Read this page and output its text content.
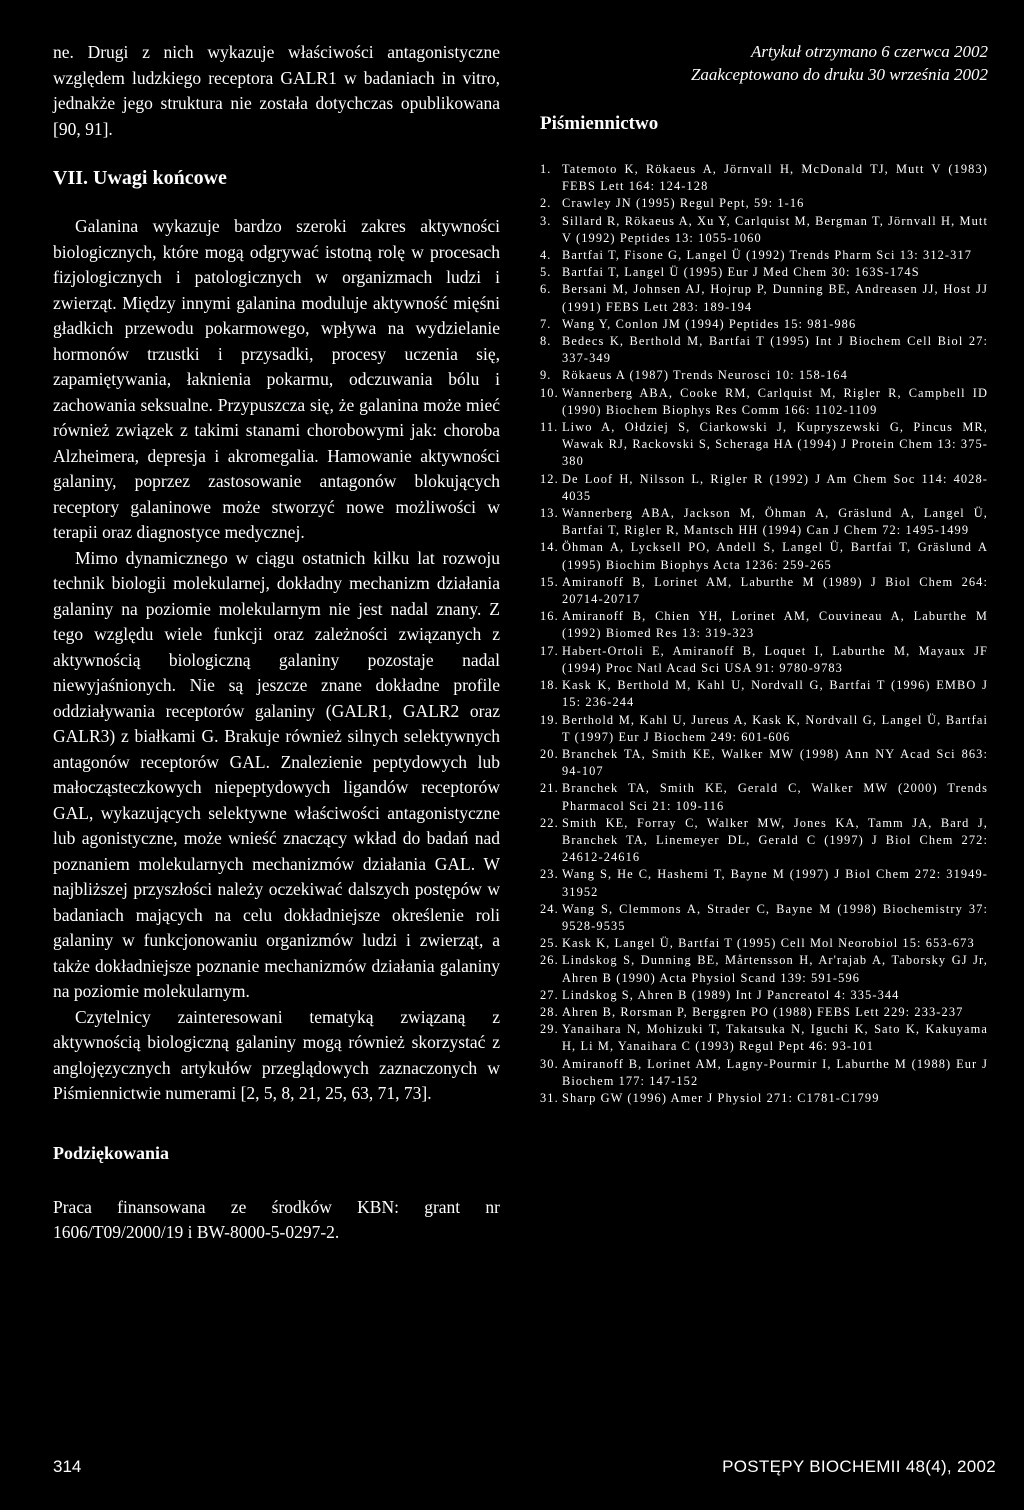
ne. Drugi z nich wykazuje właściwości antagonistyczne względem ludzkiego receptora GALR1 w badaniach in vitro, jednakże jego struktura nie została dotychczas opublikowana [90, 91].

VII. Uwagi końcowe

Galanina wykazuje bardzo szeroki zakres aktywności biologicznych, które mogą odgrywać istotną rolę w procesach fizjologicznych i patologicznych w organizmach ludzi i zwierząt. Między innymi galanina moduluje aktywność mięśni gładkich przewodu pokarmowego, wpływa na wydzielanie hormonów trzustki i przysadki, procesy uczenia się, zapamiętywania, łaknienia pokarmu, odczuwania bólu i zachowania seksualne. Przypuszcza się, że galanina może mieć również związek z takimi stanami chorobowymi jak: choroba Alzheimera, depresja i akromegalia. Hamowanie aktywności galaniny, poprzez zastosowanie antagonów blokujących receptory galaninowe może stworzyć nowe możliwości w terapii oraz diagnostyce medycznej.

Mimo dynamicznego w ciągu ostatnich kilku lat rozwoju technik biologii molekularnej, dokładny mechanizm działania galaniny na poziomie molekularnym nie jest nadal znany. Z tego względu wiele funkcji oraz zależności związanych z aktywnością biologiczną galaniny pozostaje nadal niewyjaśnionych. Nie są jeszcze znane dokładne profile oddziaływania receptorów galaniny (GALR1, GALR2 oraz GALR3) z białkami G. Brakuje również silnych selektywnych antagonów receptorów GAL. Znalezienie peptydowych lub małocząsteczkowych niepeptydowych ligandów receptorów GAL, wykazujących selektywne właściwości antagonistyczne lub agonistyczne, może wnieść znaczący wkład do badań nad poznaniem molekularnych mechanizmów działania GAL. W najbliższej przyszłości należy oczekiwać dalszych postępów w badaniach mających na celu dokładniejsze określenie roli galaniny w funkcjonowaniu organizmów ludzi i zwierząt, a także dokładniejsze poznanie mechanizmów działania galaniny na poziomie molekularnym.

Czytelnicy zainteresowani tematyką związaną z aktywnością biologiczną galaniny mogą również skorzystać z anglojęzycznych artykułów przeglądowych zaznaczonych w Piśmiennictwie numerami [2, 5, 8, 21, 25, 63, 71, 73].

Podziękowania

Praca finansowana ze środków KBN: grant nr 1606/T09/2000/19 i BW-8000-5-0297-2.

Artykuł otrzymano 6 czerwca 2002
Zaakceptowano do druku 30 września 2002
Piśmiennictwo
1. Tatemoto K, Rökaeus A, Jörnvall H, McDonald TJ, Mutt V (1983) FEBS Lett 164: 124-128
2. Crawley JN (1995) Regul Pept, 59: 1-16
3. Sillard R, Rökaeus A, Xu Y, Carlquist M, Bergman T, Jörnvall H, Mutt V (1992) Peptides 13: 1055-1060
4. Bartfai T, Fisone G, Langel Ü (1992) Trends Pharm Sci 13: 312-317
5. Bartfai T, Langel Ü (1995) Eur J Med Chem 30: 163S-174S
6. Bersani M, Johnsen AJ, Hojrup P, Dunning BE, Andreasen JJ, Host JJ (1991) FEBS Lett 283: 189-194
7. Wang Y, Conlon JM (1994) Peptides 15: 981-986
8. Bedecs K, Berthold M, Bartfai T (1995) Int J Biochem Cell Biol 27: 337-349
9. Rökaeus A (1987) Trends Neurosci 10: 158-164
10. Wannerberg ABA, Cooke RM, Carlquist M, Rigler R, Campbell ID (1990) Biochem Biophys Res Comm 166: 1102-1109
11. Liwo A, Ołdziej S, Ciarkowski J, Kupryszewski G, Pincus MR, Wawak RJ, Rackovski S, Scheraga HA (1994) J Protein Chem 13: 375-380
12. De Loof H, Nilsson L, Rigler R (1992) J Am Chem Soc 114: 4028-4035
13. Wannerberg ABA, Jackson M, Öhman A, Gräslund A, Langel Ü, Bartfai T, Rigler R, Mantsch HH (1994) Can J Chem 72: 1495-1499
14. Öhman A, Lycksell PO, Andell S, Langel Ü, Bartfai T, Gräslund A (1995) Biochim Biophys Acta 1236: 259-265
15. Amiranoff B, Lorinet AM, Laburthe M (1989) J Biol Chem 264: 20714-20717
16. Amiranoff B, Chien YH, Lorinet AM, Couvineau A, Laburthe M (1992) Biomed Res 13: 319-323
17. Habert-Ortoli E, Amiranoff B, Loquet I, Laburthe M, Mayaux JF (1994) Proc Natl Acad Sci USA 91: 9780-9783
18. Kask K, Berthold M, Kahl U, Nordvall G, Bartfai T (1996) EMBO J 15: 236-244
19. Berthold M, Kahl U, Jureus A, Kask K, Nordvall G, Langel Ü, Bartfai T (1997) Eur J Biochem 249: 601-606
20. Branchek TA, Smith KE, Walker MW (1998) Ann NY Acad Sci 863: 94-107
21. Branchek TA, Smith KE, Gerald C, Walker MW (2000) Trends Pharmacol Sci 21: 109-116
22. Smith KE, Forray C, Walker MW, Jones KA, Tamm JA, Bard J, Branchek TA, Linemeyer DL, Gerald C (1997) J Biol Chem 272: 24612-24616
23. Wang S, He C, Hashemi T, Bayne M (1997) J Biol Chem 272: 31949-31952
24. Wang S, Clemmons A, Strader C, Bayne M (1998) Biochemistry 37: 9528-9535
25. Kask K, Langel Ü, Bartfai T (1995) Cell Mol Neorobiol 15: 653-673
26. Lindskog S, Dunning BE, Mårtensson H, Ar'rajab A, Taborsky GJ Jr, Ahren B (1990) Acta Physiol Scand 139: 591-596
27. Lindskog S, Ahren B (1989) Int J Pancreatol 4: 335-344
28. Ahren B, Rorsman P, Berggren PO (1988) FEBS Lett 229: 233-237
29. Yanaihara N, Mohizuki T, Takatsuka N, Iguchi K, Sato K, Kakuyama H, Li M, Yanaihara C (1993) Regul Pept 46: 93-101
30. Amiranoff B, Lorinet AM, Lagny-Pourmir I, Laburthe M (1988) Eur J Biochem 177: 147-152
31. Sharp GW (1996) Amer J Physiol 271: C1781-C1799
314	POSTĘPY BIOCHEMII 48(4), 2002
